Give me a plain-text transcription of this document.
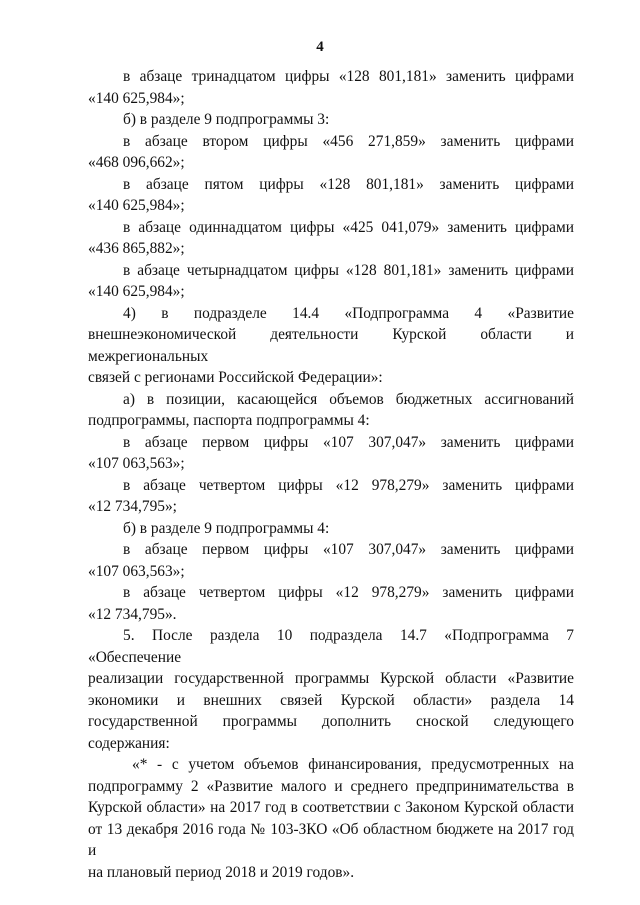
4
в абзаце тринадцатом цифры «128 801,181» заменить цифрами
«140 625,984»;
б) в разделе 9 подпрограммы 3:
в абзаце втором цифры «456 271,859» заменить цифрами
«468 096,662»;
в абзаце пятом цифры «128 801,181» заменить цифрами
«140 625,984»;
в абзаце одиннадцатом цифры «425 041,079» заменить цифрами
«436 865,882»;
в абзаце четырнадцатом цифры «128 801,181» заменить цифрами
«140 625,984»;
4) в подразделе 14.4 «Подпрограмма 4 «Развитие
внешнеэкономической деятельности Курской области и межрегиональных
связей с регионами Российской Федерации»:
а) в позиции, касающейся объемов бюджетных ассигнований
подпрограммы, паспорта подпрограммы 4:
в абзаце первом цифры «107 307,047» заменить цифрами
«107 063,563»;
в абзаце четвертом цифры «12 978,279» заменить цифрами
«12 734,795»;
б) в разделе 9 подпрограммы 4:
в абзаце первом цифры «107 307,047» заменить цифрами
«107 063,563»;
в абзаце четвертом цифры «12 978,279» заменить цифрами
«12 734,795».
5. После раздела 10 подраздела 14.7 «Подпрограмма 7 «Обеспечение
реализации государственной программы Курской области «Развитие
экономики и внешних связей Курской области» раздела 14
государственной программы дополнить сноской следующего содержания:
«* - с учетом объемов финансирования, предусмотренных на
подпрограмму 2 «Развитие малого и среднего предпринимательства в
Курской области» на 2017 год в соответствии с Законом Курской области
от 13 декабря 2016 года № 103-ЗКО «Об областном бюджете на 2017 год и
на плановый период 2018 и 2019 годов».
